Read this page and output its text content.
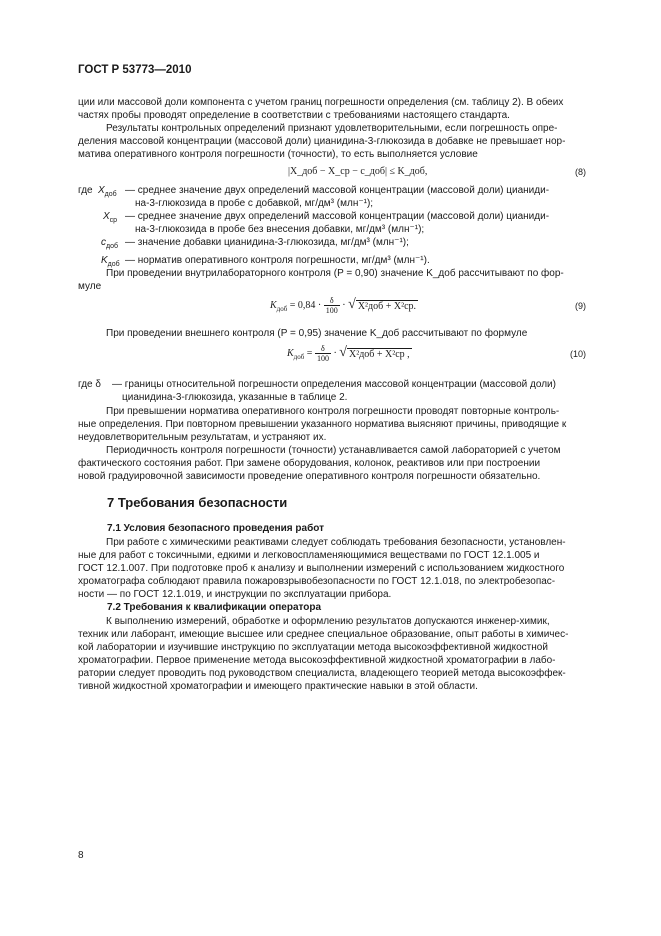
ГОСТ Р 53773—2010
ции или массовой доли компонента с учетом границ погрешности определения (см. таблицу 2). В обеих
частях пробы проводят определение в соответствии с требованиями настоящего стандарта.
Результаты контрольных определений признают удовлетворительными, если погрешность опре-
деления массовой концентрации (массовой доли) цианидина-3-глюкозида в добавке не превышает нор-
матива оперативного контроля погрешности (точности), то есть выполняется условие
|X_доб − X_ср − c_доб| ≤ K_доб,	(8)
где $X_{доб}$ — среднее значение двух определений массовой концентрации (массовой доли) цианиди-
на-3-глюкозида в пробе с добавкой, мг/дм³ (млн⁻¹);
$X_{ср}$ — среднее значение двух определений массовой концентрации (массовой доли) цианиди-
на-3-глюкозида в пробе без внесения добавки, мг/дм³ (млн⁻¹);
$c_{доб}$ — значение добавки цианидина-3-глюкозида, мг/дм³ (млн⁻¹);
$K_{доб}$ — норматив оперативного контроля погрешности, мг/дм³ (млн⁻¹).
При проведении внутрилабораторного контроля (P = 0,90) значение K_доб рассчитывают по фор-
муле
$K_{доб} = 0,84 \cdot \frac{\delta}{100}$ · √ X²доб + X²ср.	(9)
При проведении внешнего контроля (P = 0,95) значение K_доб рассчитывают по формуле
$K_{доб} = \frac{\delta}{100}$ · √ X²доб + X²ср ,	(10)
где δ — границы относительной погрешности определения массовой концентрации (массовой доли)
цианидина-3-глюкозида, указанные в таблице 2.
При превышении норматива оперативного контроля погрешности проводят повторные контроль-
ные определения. При повторном превышении указанного норматива выясняют причины, приводящие к
неудовлетворительным результатам, и устраняют их.
Периодичность контроля погрешности (точности) устанавливается самой лабораторией с учетом
фактического состояния работ. При замене оборудования, колонок, реактивов или при построении
новой градуировочной зависимости проведение оперативного контроля погрешности обязательно.
7 Требования безопасности
7.1 Условия безопасного проведения работ
При работе с химическими реактивами следует соблюдать требования безопасности, установлен-
ные для работ с токсичными, едкими и легковоспламеняющимися веществами по ГОСТ 12.1.005 и
ГОСТ 12.1.007. При подготовке проб к анализу и выполнении измерений с использованием жидкостного
хроматографа соблюдают правила пожаровзрывобезопасности по ГОСТ 12.1.018, по электробезопас-
ности — по ГОСТ 12.1.019, и инструкции по эксплуатации прибора.
7.2 Требования к квалификации оператора
К выполнению измерений, обработке и оформлению результатов допускаются инженер-химик,
техник или лаборант, имеющие высшее или среднее специальное образование, опыт работы в химичес-
кой лаборатории и изучившие инструкцию по эксплуатации метода высокоэффективной жидкостной
хроматографии. Первое применение метода высокоэффективной жидкостной хроматографии в лабо-
ратории следует проводить под руководством специалиста, владеющего теорией метода высокоэффек-
тивной жидкостной хроматографии и имеющего практические навыки в этой области.
8
